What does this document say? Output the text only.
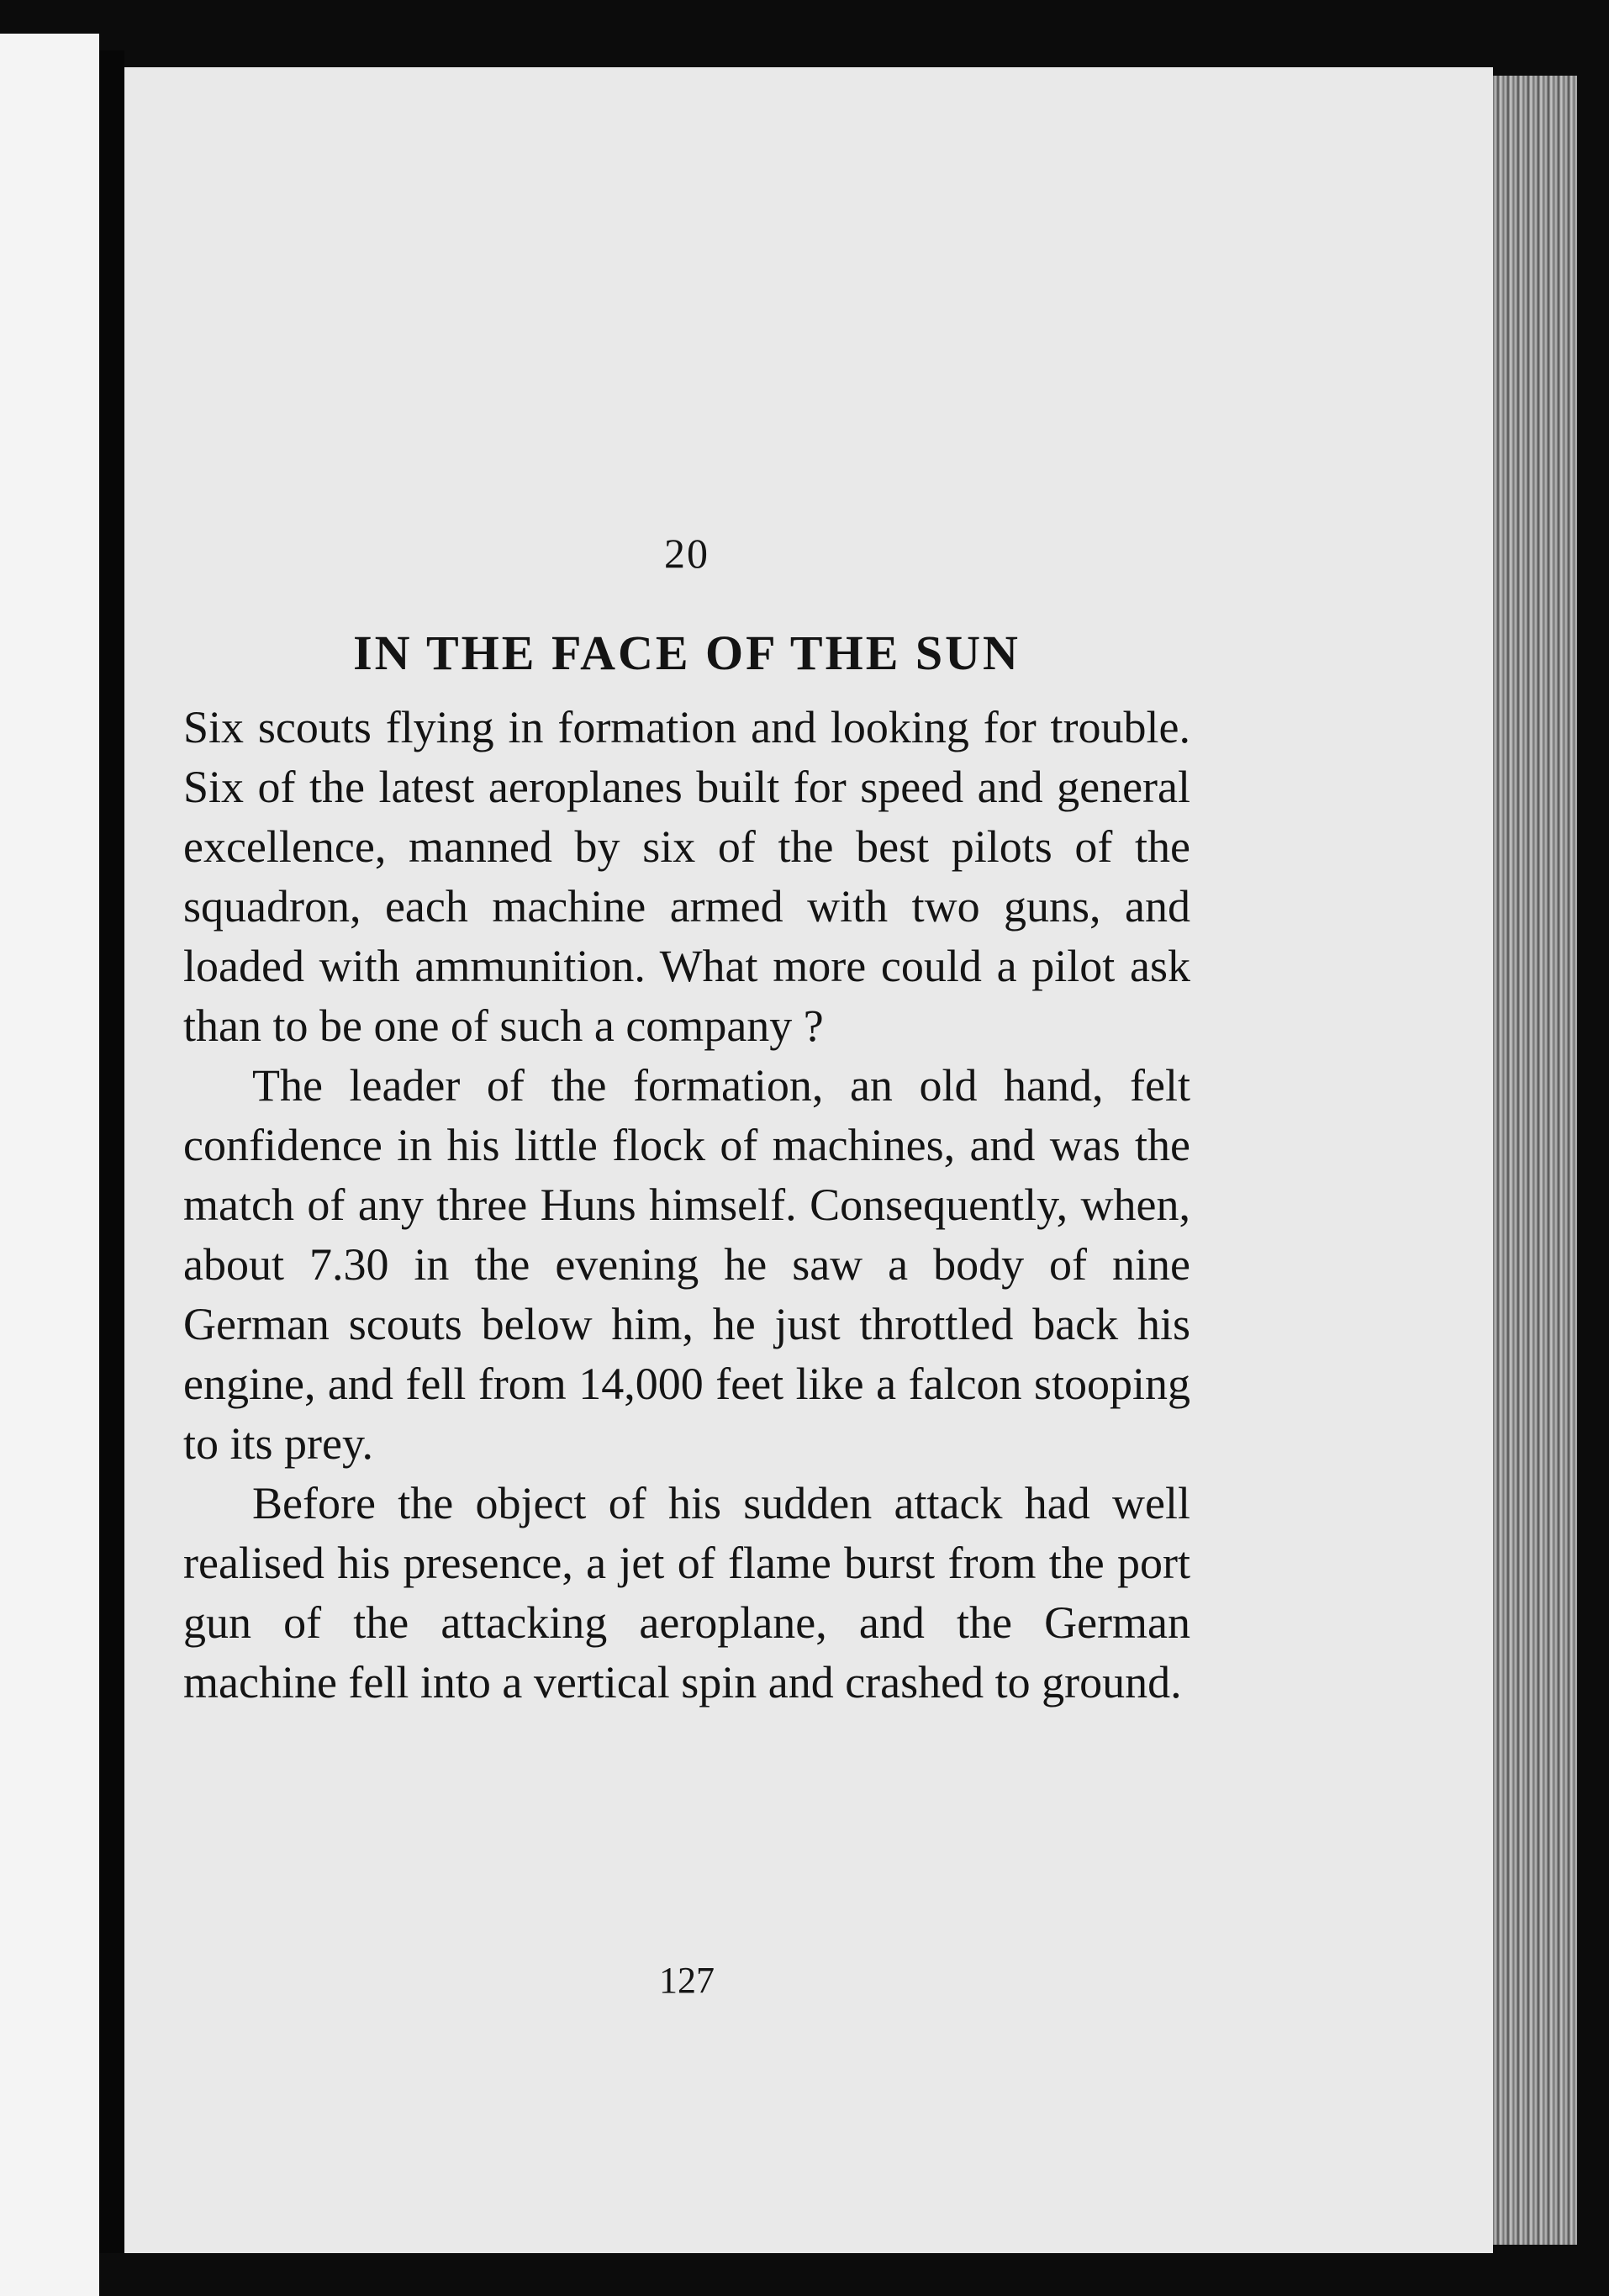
20
IN THE FACE OF THE SUN

Six scouts flying in formation and looking for trouble. Six of the latest aeroplanes built for speed and general excellence, manned by six of the best pilots of the squadron, each machine armed with two guns, and loaded with ammunition. What more could a pilot ask than to be one of such a company ?

The leader of the formation, an old hand, felt confidence in his little flock of machines, and was the match of any three Huns himself. Consequently, when, about 7.30 in the evening he saw a body of nine German scouts below him, he just throttled back his engine, and fell from 14,000 feet like a falcon stooping to its prey.

Before the object of his sudden attack had well realised his presence, a jet of flame burst from the port gun of the attacking aeroplane, and the German machine fell into a vertical spin and crashed to ground.

127
